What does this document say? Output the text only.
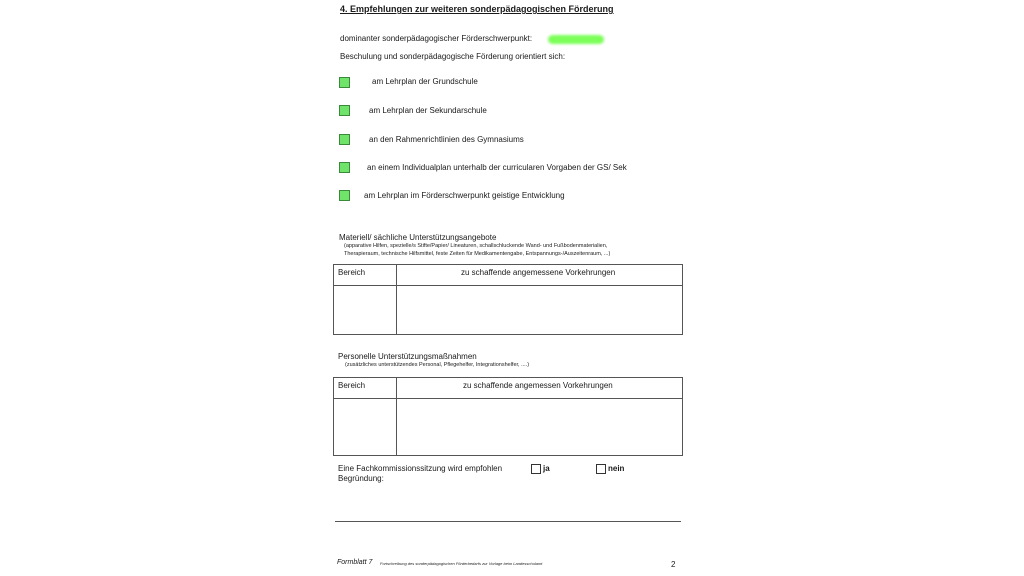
4. Empfehlungen zur weiteren sonderpädagogischen Förderung
dominanter sonderpädagogischer Förderschwerpunkt:
Beschulung und sonderpädagogische Förderung orientiert sich:
am Lehrplan der Grundschule
am Lehrplan der Sekundarschule
an den Rahmenrichtlinien des Gymnasiums
an einem Individualplan unterhalb der curricularen Vorgaben der GS/ Sek
am Lehrplan im Förderschwerpunkt geistige Entwicklung
Materiell/ sächliche Unterstützungsangebote
(apparative Hilfen, spezielle/s Stifte/Papier/ Lineaturen, schallschluckende Wand- und Fußbodenmaterialien,
Therapieraum, technische Hilfsmittel, feste Zeiten für Medikamentengabe, Entspannungs-/Auszeitenraum, ...)
Bereich	zu schaffende angemessene Vorkehrungen
Personelle Unterstützungsmaßnahmen
(zusätzliches unterstützendes Personal, Pflegehelfer, Integrationshelfer, ....)
Bereich	zu schaffende angemessen Vorkehrungen
Eine Fachkommissionssitzung wird empfohlen	ja	nein
Begründung:
Formblatt 7 Fortschreibung des sonderpädagogischen Förderbedarfs zur Vorlage beim Landesschulamt	2
